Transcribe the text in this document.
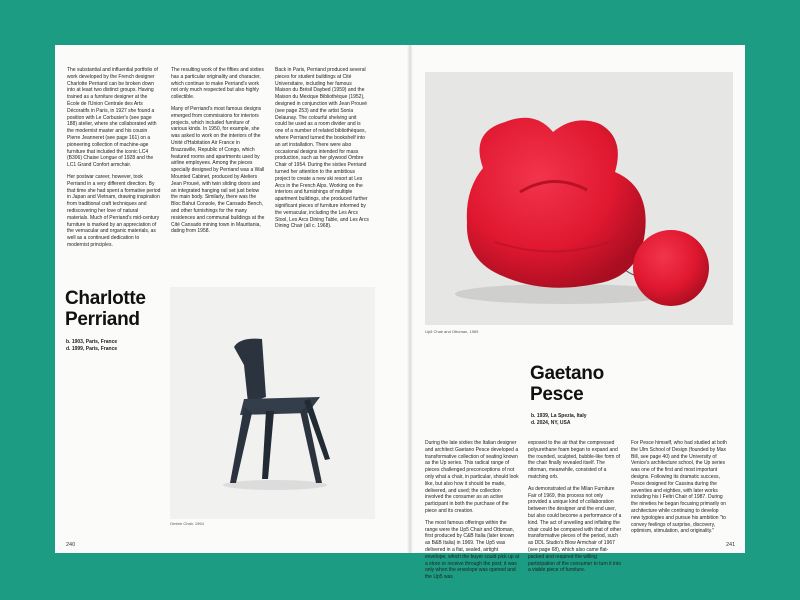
The substantial and influential portfolio of work developed by the French designer Charlotte Perriand can be broken down into at least two distinct groups. Having trained as a furniture designer at the École de l'Union Centrale des Arts Décoratifs in Paris, in 1927 she found a position with Le Corbusier's (see page 188) atelier, where she collaborated with the modernist master and his cousin Pierre Jeanneret (see page 161) on a pioneering collection of machine-age furniture that included the iconic LC4 (B306) Chaise Longue of 1928 and the LC1 Grand Confort armchair.

Her postwar career, however, took Perriand in a very different direction. By that time she had spent a formative period in Japan and Vietnam, drawing inspiration from traditional craft techniques and rediscovering her love of natural materials. Much of Perriand's mid-century furniture is marked by an appreciation of the vernacular and organic materials, as well as a continued dedication to modernist principles.

The resulting work of the fifties and sixties has a particular originality and character, which continue to make Perriand's work not only much respected but also highly collectible.

Many of Perriand's most famous designs emerged from commissions for interiors projects, which included furniture of various kinds. In 1950, for example, she was asked to work on the interiors of the Unité d'Habitation Air France in Brazzaville, Republic of Congo, which featured rooms and apartments used by airline employees. Among the pieces specially designed by Perriand was a Wall Mounted Cabinet, produced by Ateliers Jean Prouvé, with twin sliding doors and an integrated hanging rail set just below the main body. Similarly, there was the Bloc Bahut Console, the Cansado Bench, and other furnishings for the many residences and communal buildings at the Cité Cansado mining town in Mauritania, dating from 1958.

Back in Paris, Perriand produced several pieces for student buildings at Cité Universitaire, including her famous Maison du Brésil Daybed (1959) and the Maison du Mexique Bibliothèque (1952), designed in conjunction with Jean Prouvé (see page 253) and the artist Sonia Delaunay. The colourful shelving unit could be used as a room divider and is one of a number of related bibliothèques, where Perriand turned the bookshelf into an art installation. There were also occasional designs intended for mass production, such as her plywood Ombre Chair of 1954. During the sixties Perriand turned her attention to the ambitious project to create a new ski resort at Les Arcs in the French Alps. Working on the interiors and furnishings of multiple apartment buildings, she produced further significant pieces of furniture informed by the vernacular, including the Les Arcs Stool, Les Arcs Dining Table, and Les Arcs Dining Chair (all c. 1968).

Charlotte Perriand
b. 1903, Paris, France
d. 1999, Paris, France
Ombre Chair, 1954
240
Up5 Chair and Ottoman, 1969
Gaetano Pesce
b. 1939, La Spezia, Italy
d. 2024, NY, USA

During the late sixties the Italian designer and architect Gaetano Pesce developed a transformative collection of seating known as the Up series. This radical range of pieces challenged preconceptions of not only what a chair, in particular, should look like, but also how it should be made, delivered, and used; the collection involved the consumer as an active participant in both the purchase of the piece and its creation.

The most famous offerings within the range were the Up5 Chair and Ottoman, first produced by C&B Italia (later known as B&B Italia) in 1969. The Up5 was delivered in a flat, sealed, airtight envelope, which the buyer could pick up at a store or receive through the post; it was only when the envelope was opened and the Up5 was

exposed to the air that the compressed polyurethane foam began to expand and the rounded, sculpted, bubble-like form of the chair finally revealed itself. The ottoman, meanwhile, consisted of a matching orb.

As demonstrated at the Milan Furniture Fair of 1969, this process not only provided a unique kind of collaboration between the designer and the end user, but also could become a performance of a kind. The act of unveiling and inflating the chair could be compared with that of other transformative pieces of the period, such as DDL Studio's Blow Armchair of 1967 (see page 68), which also came flat-packed and required the willing participation of the consumer to turn it into a viable piece of furniture.

For Pesce himself, who had studied at both the Ulm School of Design (founded by Max Bill, see page 40) and the University of Venice's architecture school, the Up series was one of the first and most important designs. Following its dramatic success, Pesce designed for Cassina during the seventies and eighties, with later works including his I Feltri Chair of 1987. During the nineties he began focusing primarily on architecture while continuing to develop new typologies and pursue his ambition "to convey feelings of surprise, discovery, optimism, stimulation, and originality."

241
